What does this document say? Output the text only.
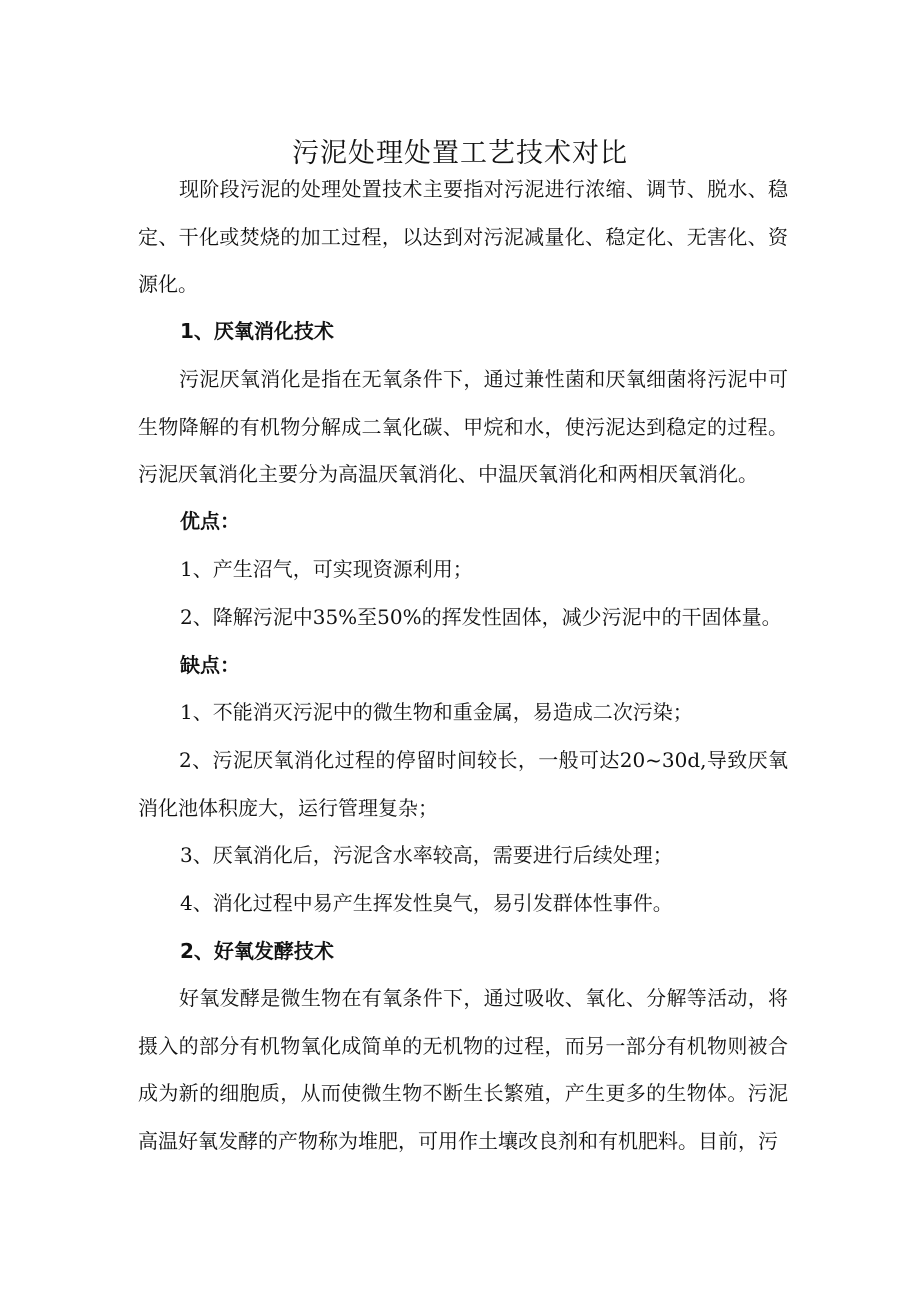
污泥处理处置工艺技术对比

现阶段污泥的处理处置技术主要指对污泥进行浓缩、调节、脱水、稳定、干化或焚烧的加工过程，以达到对污泥减量化、稳定化、无害化、资源化。

1、厌氧消化技术

污泥厌氧消化是指在无氧条件下，通过兼性菌和厌氧细菌将污泥中可生物降解的有机物分解成二氧化碳、甲烷和水，使污泥达到稳定的过程。污泥厌氧消化主要分为高温厌氧消化、中温厌氧消化和两相厌氧消化。

优点：

1、产生沼气，可实现资源利用；

2、降解污泥中35%至50%的挥发性固体，减少污泥中的干固体量。

缺点：

1、不能消灭污泥中的微生物和重金属，易造成二次污染；

2、污泥厌氧消化过程的停留时间较长，一般可达20~30d,导致厌氧消化池体积庞大，运行管理复杂；

3、厌氧消化后，污泥含水率较高，需要进行后续处理；

4、消化过程中易产生挥发性臭气，易引发群体性事件。

2、好氧发酵技术

好氧发酵是微生物在有氧条件下，通过吸收、氧化、分解等活动，将摄入的部分有机物氧化成简单的无机物的过程，而另一部分有机物则被合成为新的细胞质，从而使微生物不断生长繁殖，产生更多的生物体。污泥高温好氧发酵的产物称为堆肥，可用作土壤改良剂和有机肥料。目前，污
